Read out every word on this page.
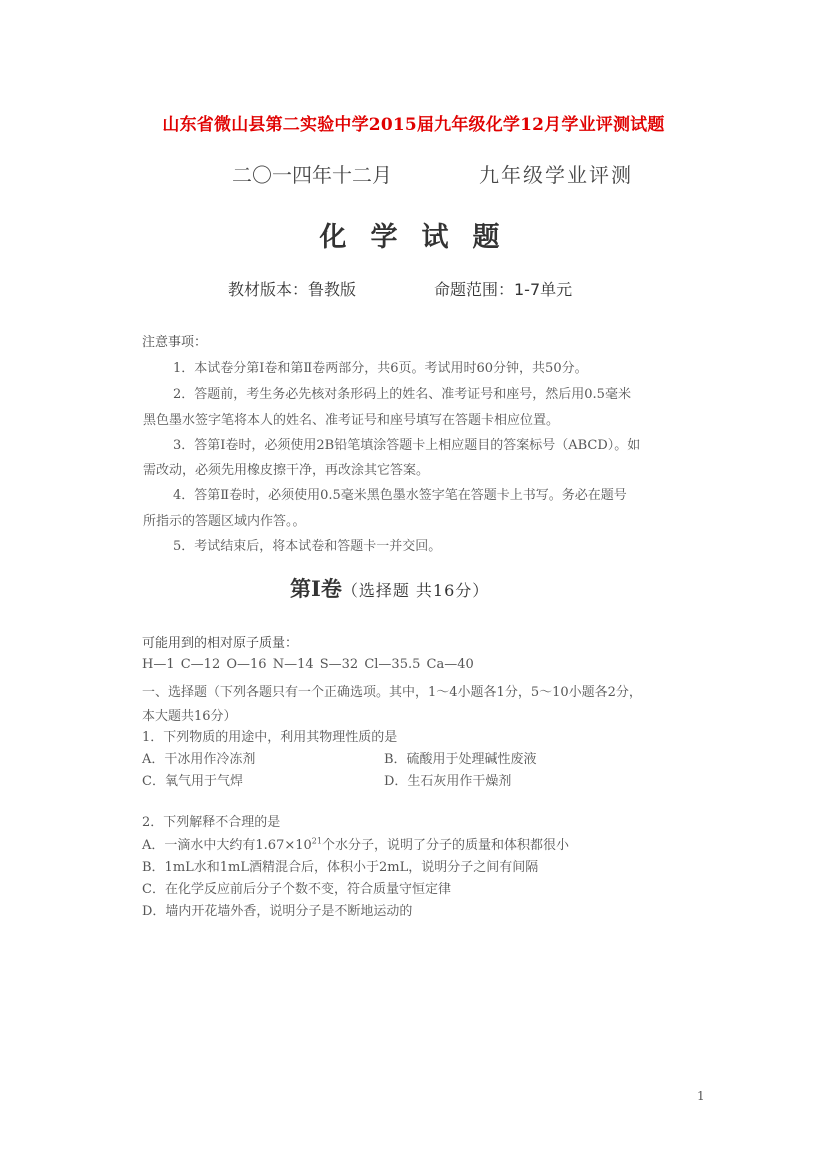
山东省微山县第二实验中学2015届九年级化学12月学业评测试题
二〇一四年十二月	九年级学业评测
化学试题
教材版本：鲁教版	命题范围：1-7单元
注意事项：
1．本试卷分第Ⅰ卷和第Ⅱ卷两部分，共6页。考试用时60分钟，共50分。
2．答题前，考生务必先核对条形码上的姓名、准考证号和座号，然后用0.5毫米
黑色墨水签字笔将本人的姓名、准考证号和座号填写在答题卡相应位置。
3．答第Ⅰ卷时，必须使用2B铅笔填涂答题卡上相应题目的答案标号（ABCD）。如
需改动，必须先用橡皮擦干净，再改涂其它答案。
4．答第Ⅱ卷时，必须使用0.5毫米黑色墨水签字笔在答题卡上书写。务必在题号
所指示的答题区域内作答。。
5．考试结束后，将本试卷和答题卡一并交回。
第Ⅰ卷（选择题 共16分）
可能用到的相对原子质量：
H—1 C—12 O—16 N—14 S—32 Cl—35.5 Ca—40
一、选择题（下列各题只有一个正确选项。其中，1～4小题各1分，5～10小题各2分，
本大题共16分）
1．下列物质的用途中，利用其物理性质的是
A．干冰用作冷冻剂	B．硫酸用于处理碱性废液
C．氧气用于气焊	D．生石灰用作干燥剂
2．下列解释不合理的是
A．一滴水中大约有$1.67\times 10^{21}$个水分子，说明了分子的质量和体积都很小
B．1mL水和1mL酒精混合后，体积小于2mL，说明分子之间有间隔
C．在化学反应前后分子个数不变，符合质量守恒定律
D．墙内开花墙外香，说明分子是不断地运动的
1
